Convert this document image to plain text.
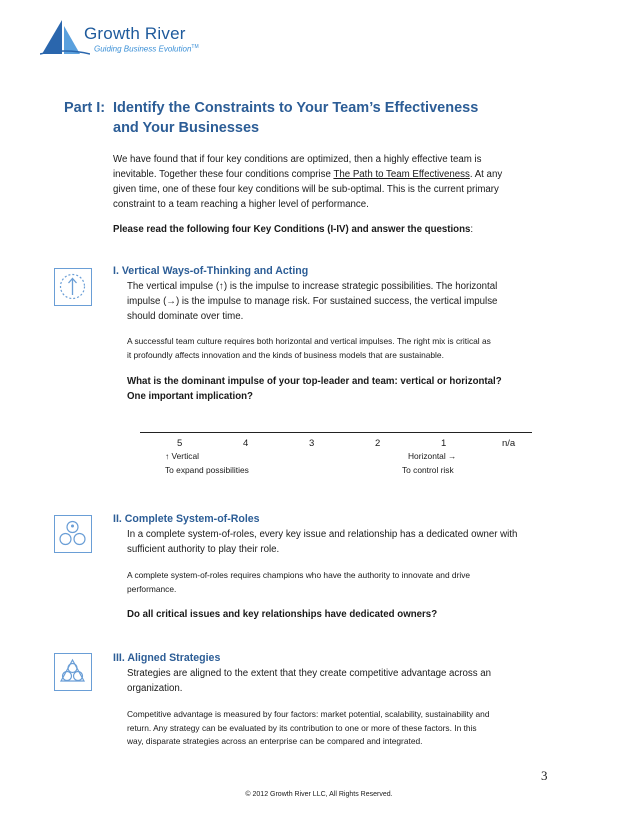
Growth River
Guiding Business Evolution™
Part I: Identify the Constraints to Your Team’s Effectiveness
and Your Businesses
We have found that if four key conditions are optimized, then a highly effective team is
inevitable. Together these four conditions comprise The Path to Team Effectiveness. At any
given time, one of these four key conditions will be sub-optimal. This is the current primary
constraint to a team reaching a higher level of performance.
Please read the following four Key Conditions (I-IV) and answer the questions:
I. Vertical Ways-of-Thinking and Acting
The vertical impulse (↑) is the impulse to increase strategic possibilities. The horizontal
impulse (→) is the impulse to manage risk. For sustained success, the vertical impulse
should dominate over time.
A successful team culture requires both horizontal and vertical impulses. The right mix is critical as
it profoundly affects innovation and the kinds of business models that are sustainable.
What is the dominant impulse of your top-leader and team: vertical or horizontal?
One important implication?
5	4	3	2	1	n/a
↑ Vertical
To expand possibilities
Horizontal →
To control risk
II. Complete System-of-Roles
In a complete system-of-roles, every key issue and relationship has a dedicated owner with
sufficient authority to play their role.
A complete system-of-roles requires champions who have the authority to innovate and drive
performance.
Do all critical issues and key relationships have dedicated owners?
III. Aligned Strategies
Strategies are aligned to the extent that they create competitive advantage across an
organization.
Competitive advantage is measured by four factors: market potential, scalability, sustainability and
return. Any strategy can be evaluated by its contribution to one or more of these factors. In this
way, disparate strategies across an enterprise can be compared and integrated.
3
© 2012 Growth River LLC, All Rights Reserved.
